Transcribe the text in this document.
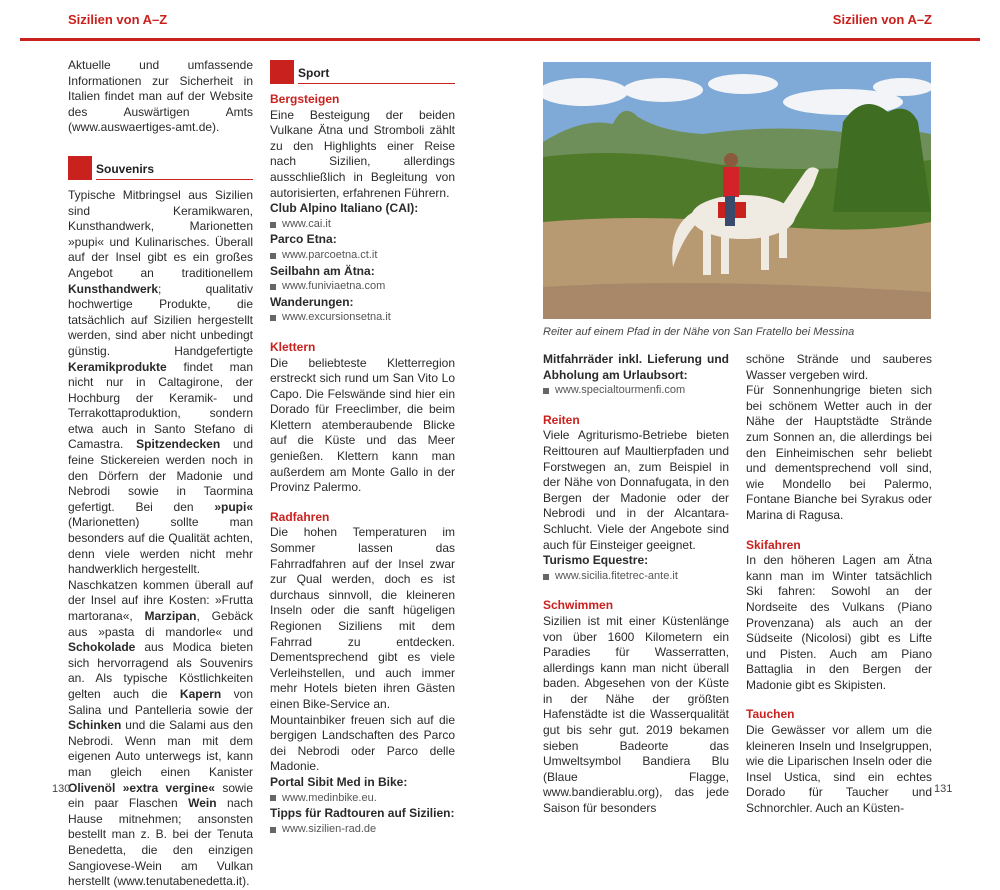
Sizilien von A–Z	Sizilien von A–Z

Aktuelle und umfassende Informationen zur Sicherheit in Italien findet man auf der Website des Auswärtigen Amts (www.auswaertiges-amt.de).

Souvenirs

Typische Mitbringsel aus Sizilien sind Keramikwaren, Kunsthandwerk, Marionetten »pupi« und Kulinarisches. Überall auf der Insel gibt es ein großes Angebot an traditionellem Kunsthandwerk; qualitativ hochwertige Produkte, die tatsächlich auf Sizilien hergestellt werden, sind aber nicht unbedingt günstig. Handgefertigte Keramikprodukte findet man nicht nur in Caltagirone, der Hochburg der Keramik- und Terrakottaproduktion, sondern etwa auch in Santo Stefano di Camastra. Spitzendecken und feine Stickereien werden noch in den Dörfern der Madonie und Nebrodi sowie in Taormina gefertigt. Bei den »pupi« (Marionetten) sollte man besonders auf die Qualität achten, denn viele werden nicht mehr handwerklich hergestellt.

Naschkatzen kommen überall auf der Insel auf ihre Kosten: »Frutta martorana«, Marzipan, Gebäck aus »pasta di mandorle« und Schokolade aus Modica bieten sich hervorragend als Souvenirs an. Als typische Köstlichkeiten gelten auch die Kapern von Salina und Pantelleria sowie der Schinken und die Salami aus den Nebrodi. Wenn man mit dem eigenen Auto unterwegs ist, kann man gleich einen Kanister Olivenöl »extra vergine« sowie ein paar Flaschen Wein nach Hause mitnehmen; ansonsten bestellt man z. B. bei der Tenuta Benedetta, die den einzigen Sangiovese-Wein am Vulkan herstellt (www.tenutabenedetta.it).

Sport
Bergsteigen

Eine Besteigung der beiden Vulkane Ätna und Stromboli zählt zu den Highlights einer Reise nach Sizilien, allerdings ausschließlich in Begleitung von autorisierten, erfahrenen Führern.

Club Alpino Italiano (CAI):
www.cai.it
Parco Etna:
www.parcoetna.ct.it
Seilbahn am Ätna:
www.funiviaetna.com
Wanderungen:
www.excursionsetna.it
Klettern

Die beliebteste Kletterregion erstreckt sich rund um San Vito Lo Capo. Die Felswände sind hier ein Dorado für Freeclimber, die beim Klettern atemberaubende Blicke auf die Küste und das Meer genießen. Klettern kann man außerdem am Monte Gallo in der Provinz Palermo.

Radfahren

Die hohen Temperaturen im Sommer lassen das Fahrradfahren auf der Insel zwar zur Qual werden, doch es ist durchaus sinnvoll, die kleineren Inseln oder die sanft hügeligen Regionen Siziliens mit dem Fahrrad zu entdecken. Dementsprechend gibt es viele Verleihstellen, und auch immer mehr Hotels bieten ihren Gästen einen Bike-Service an.

Mountainbiker freuen sich auf die bergigen Landschaften des Parco dei Nebrodi oder Parco delle Madonie.

Portal Sibit Med in Bike:
www.medinbike.eu.
Tipps für Radtouren auf Sizilien:
www.sizilien-rad.de
Reiter auf einem Pfad in der Nähe von San Fratello bei Messina

Mitfahrräder inkl. Lieferung und Abholung am Urlaubsort:

www.specialtourmenfi.com
Reiten

Viele Agriturismo-Betriebe bieten Reittouren auf Maultierpfaden und Forstwegen an, zum Beispiel in der Nähe von Donnafugata, in den Bergen der Madonie oder der Nebrodi und in der Alcantara-Schlucht. Viele der Angebote sind auch für Einsteiger geeignet.

Turismo Equestre:
www.sicilia.fitetrec-ante.it
Schwimmen

Sizilien ist mit einer Küstenlänge von über 1600 Kilometern ein Paradies für Wasserratten, allerdings kann man nicht überall baden. Abgesehen von der Küste in der Nähe der größten Hafenstädte ist die Wasserqualität gut bis sehr gut. 2019 bekamen sieben Badeorte das Umweltsymbol Bandiera Blu (Blaue Flagge, www.bandierablu.org), das jede Saison für besonders

schöne Strände und sauberes Wasser vergeben wird.

Für Sonnenhungrige bieten sich bei schönem Wetter auch in der Nähe der Hauptstädte Strände zum Sonnen an, die allerdings bei den Einheimischen sehr beliebt und dementsprechend voll sind, wie Mondello bei Palermo, Fontane Bianche bei Syrakus oder Marina di Ragusa.

Skifahren

In den höheren Lagen am Ätna kann man im Winter tatsächlich Ski fahren: Sowohl an der Nordseite des Vulkans (Piano Provenzana) als auch an der Südseite (Nicolosi) gibt es Lifte und Pisten. Auch am Piano Battaglia in den Bergen der Madonie gibt es Skipisten.

Tauchen

Die Gewässer vor allem um die kleineren Inseln und Inselgruppen, wie die Liparischen Inseln oder die Insel Ustica, sind ein echtes Dorado für Taucher und Schnorchler. Auch an Küsten-

130	131
